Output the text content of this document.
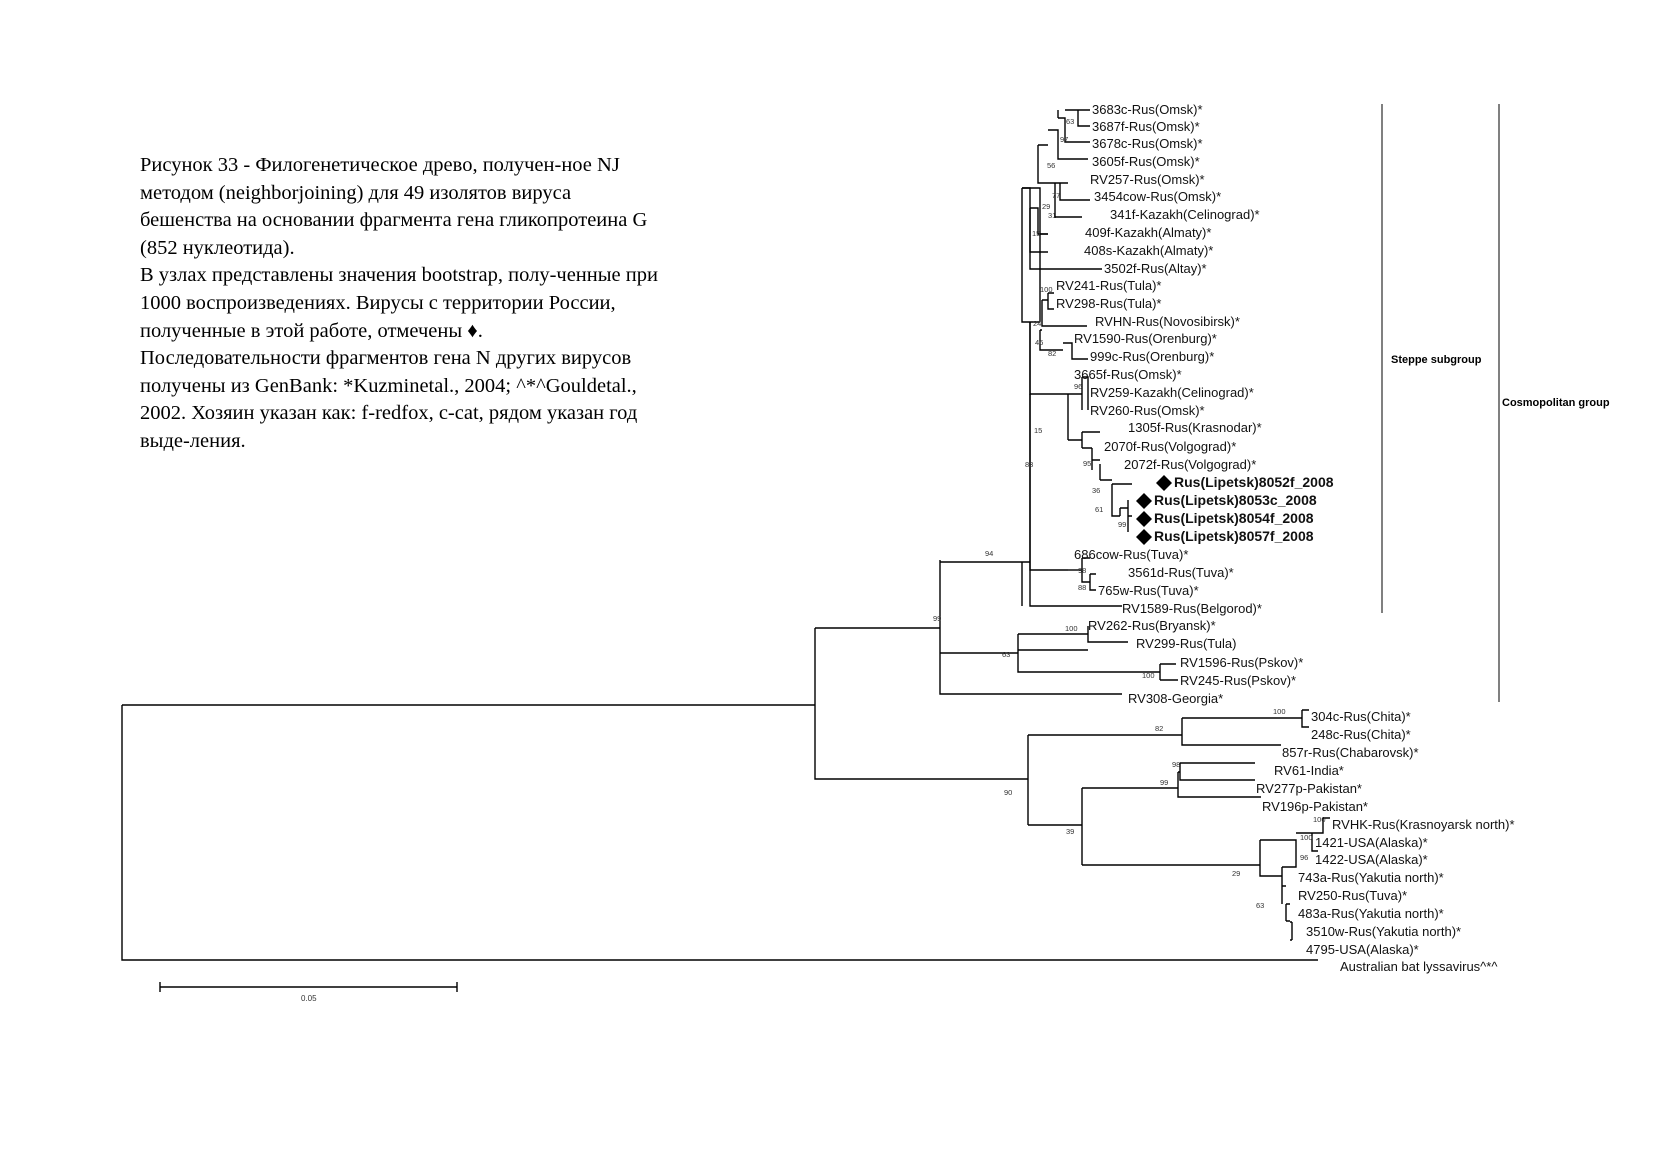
Рисунок 33 - Филогенетическое древо, получен-ное NJ методом (neighborjoining) для 49 изолятов вируса бешенства на основании фрагмента гена гликопротеина G (852 нуклеотида).

В узлах представлены значения bootstrap, полу-ченные при 1000 воспроизведениях. Вирусы с территории России, полученные в этой работе, отмечены ♦. Последовательности фрагментов гена N других вирусов получены из GenBank: *Kuzminetal., 2004; ^*^Gouldetal., 2002. Хозяин указан как: f-redfox, c-cat, рядом указан год выде-ления.

3683c-Rus(Omsk)*
3687f-Rus(Omsk)*
3678c-Rus(Omsk)*
3605f-Rus(Omsk)*
RV257-Rus(Omsk)*
3454cow-Rus(Omsk)*
341f-Kazakh(Celinograd)*
409f-Kazakh(Almaty)*
408s-Kazakh(Almaty)*
3502f-Rus(Altay)*
RV241-Rus(Tula)*
RV298-Rus(Tula)*
RVHN-Rus(Novosibirsk)*
RV1590-Rus(Orenburg)*
999c-Rus(Orenburg)*
3665f-Rus(Omsk)*
RV259-Kazakh(Celinograd)*
RV260-Rus(Omsk)*
1305f-Rus(Krasnodar)*
2070f-Rus(Volgograd)*
2072f-Rus(Volgograd)*
Rus(Lipetsk)8052f_2008
Rus(Lipetsk)8053c_2008
Rus(Lipetsk)8054f_2008
Rus(Lipetsk)8057f_2008
686cow-Rus(Tuva)*
3561d-Rus(Tuva)*
765w-Rus(Tuva)*
RV1589-Rus(Belgorod)*
RV262-Rus(Bryansk)*
RV299-Rus(Tula)
RV1596-Rus(Pskov)*
RV245-Rus(Pskov)*
RV308-Georgia*
304c-Rus(Chita)*
248c-Rus(Chita)*
857r-Rus(Chabarovsk)*
RV61-India*
RV277p-Pakistan*
RV196p-Pakistan*
RVHK-Rus(Krasnoyarsk north)*
1421-USA(Alaska)*
1422-USA(Alaska)*
743a-Rus(Yakutia north)*
RV250-Rus(Tuva)*
483a-Rus(Yakutia north)*
3510w-Rus(Yakutia north)*
4795-USA(Alaska)*
Australian bat lyssavirus^*^
63
97
56
77
29
31
15
100
24
46
82
96
15
83	95
36
61
99
98
88
94
100
63
100
99
100
82
98
99
90
39
100
100
96
29
63
Steppe subgroup
Cosmopolitan group
0.05
